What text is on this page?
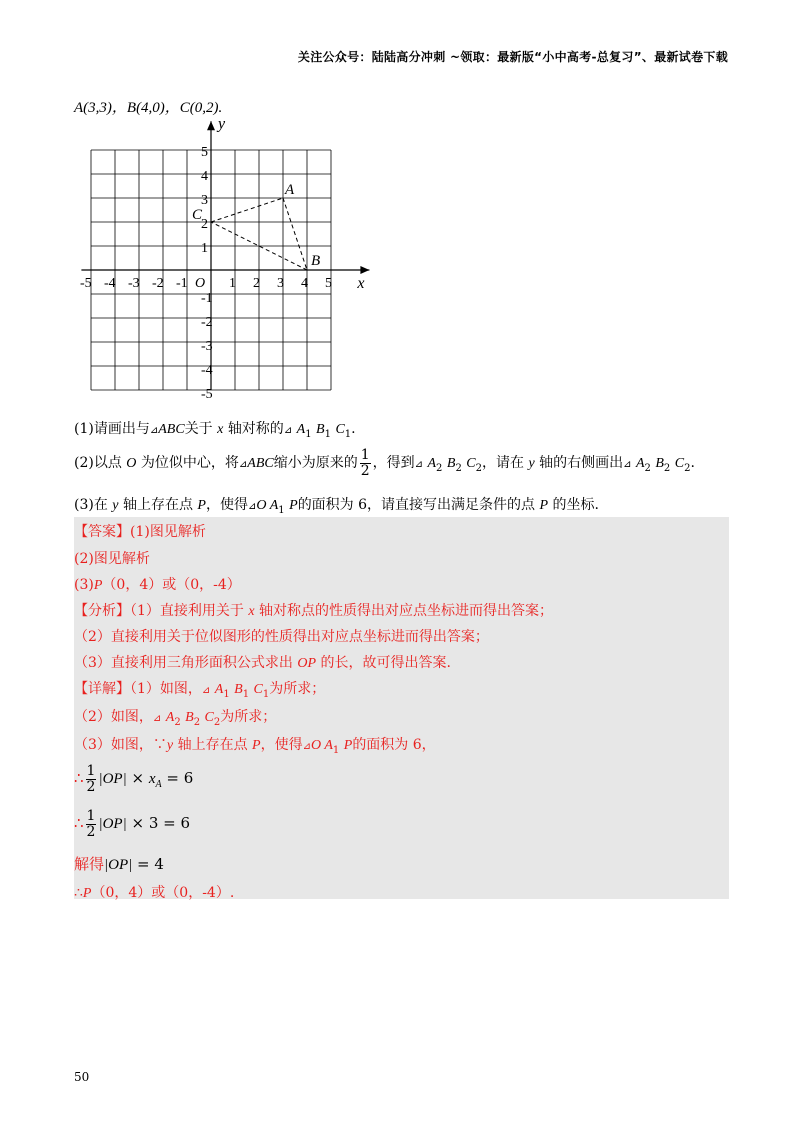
关注公众号：陆陆高分冲刺 ~领取：最新版“小中高考-总复习”、最新试卷下载
A(3,3)，B(4,0)，C(0,2).
-5 -4 -3 -2 -1 O 1 2 3 4 5
5
4
3
2
1
-1
-2
-3
-4
-5
x
y
A
B
C
(1)请画出与⊿ABC关于 x 轴对称的⊿ $A_1$ $B_1$ $C_1$.
(2)以点 O 为位似中心，将⊿ABC缩小为原来的 $\frac{1}{2}$ ，得到⊿ $A_2$ $B_2$ $C_2$，请在 y 轴的右侧画出⊿ $A_2$ $B_2$ $C_2$.
(3)在 y 轴上存在点 P，使得⊿O $A_1$ P的面积为 6，请直接写出满足条件的点 P 的坐标.
【答案】(1)图见解析
(2)图见解析
(3)P（0，4）或（0，-4）
【分析】（1）直接利用关于 x 轴对称点的性质得出对应点坐标进而得出答案；
（2）直接利用关于位似图形的性质得出对应点坐标进而得出答案；
（3）直接利用三角形面积公式求出 OP 的长，故可得出答案.
【详解】（1）如图，⊿ $A_1$ $B_1$ $C_1$为所求；
（2）如图，⊿ $A_2$ $B_2$ $C_2$为所求；
（3）如图，∵y 轴上存在点 P，使得⊿O $A_1$ P的面积为 6，
∴ $\frac{1}{2} |OP| \times x_A = 6$
∴ $\frac{1}{2} |OP| \times 3 = 6$
解得|OP| = 4
∴P（0，4）或（0，-4）.
50
